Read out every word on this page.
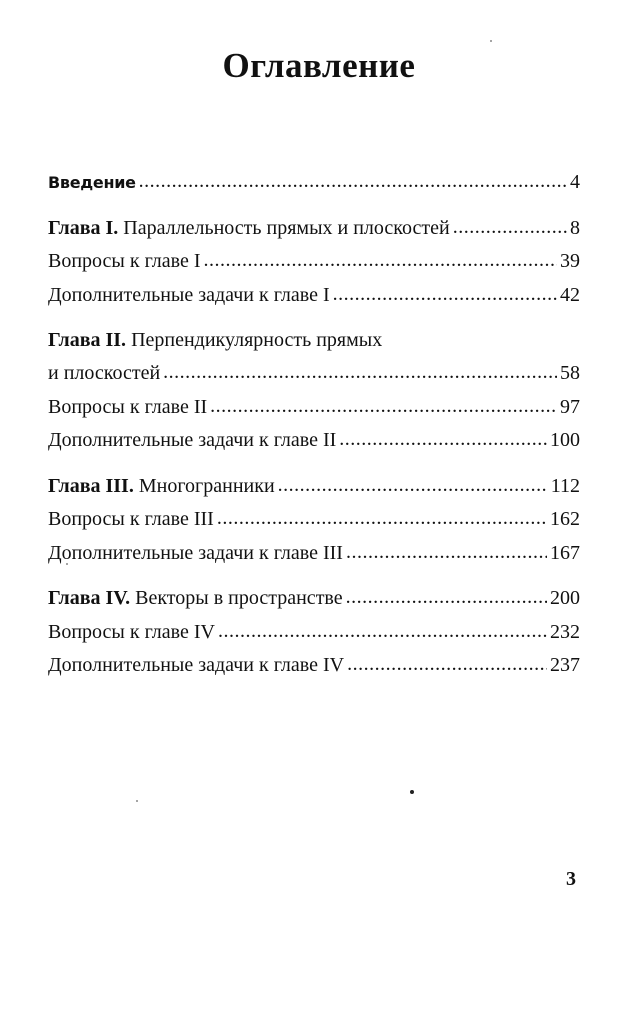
Оглавление
Введение .....	4
Глава I. Параллельность прямых и плоскостей .....	8
Вопросы к главе I .....	39
Дополнительные задачи к главе I .....	42
Глава II. Перпендикулярность прямых
и плоскостей .....	58
Вопросы к главе II .....	97
Дополнительные задачи к главе II .....	100
Глава III. Многогранники .....	112
Вопросы к главе III .....	162
Дополнительные задачи к главе III .....	167
Глава IV. Векторы в пространстве .....	200
Вопросы к главе IV .....	232
Дополнительные задачи к главе IV .....	237
3
